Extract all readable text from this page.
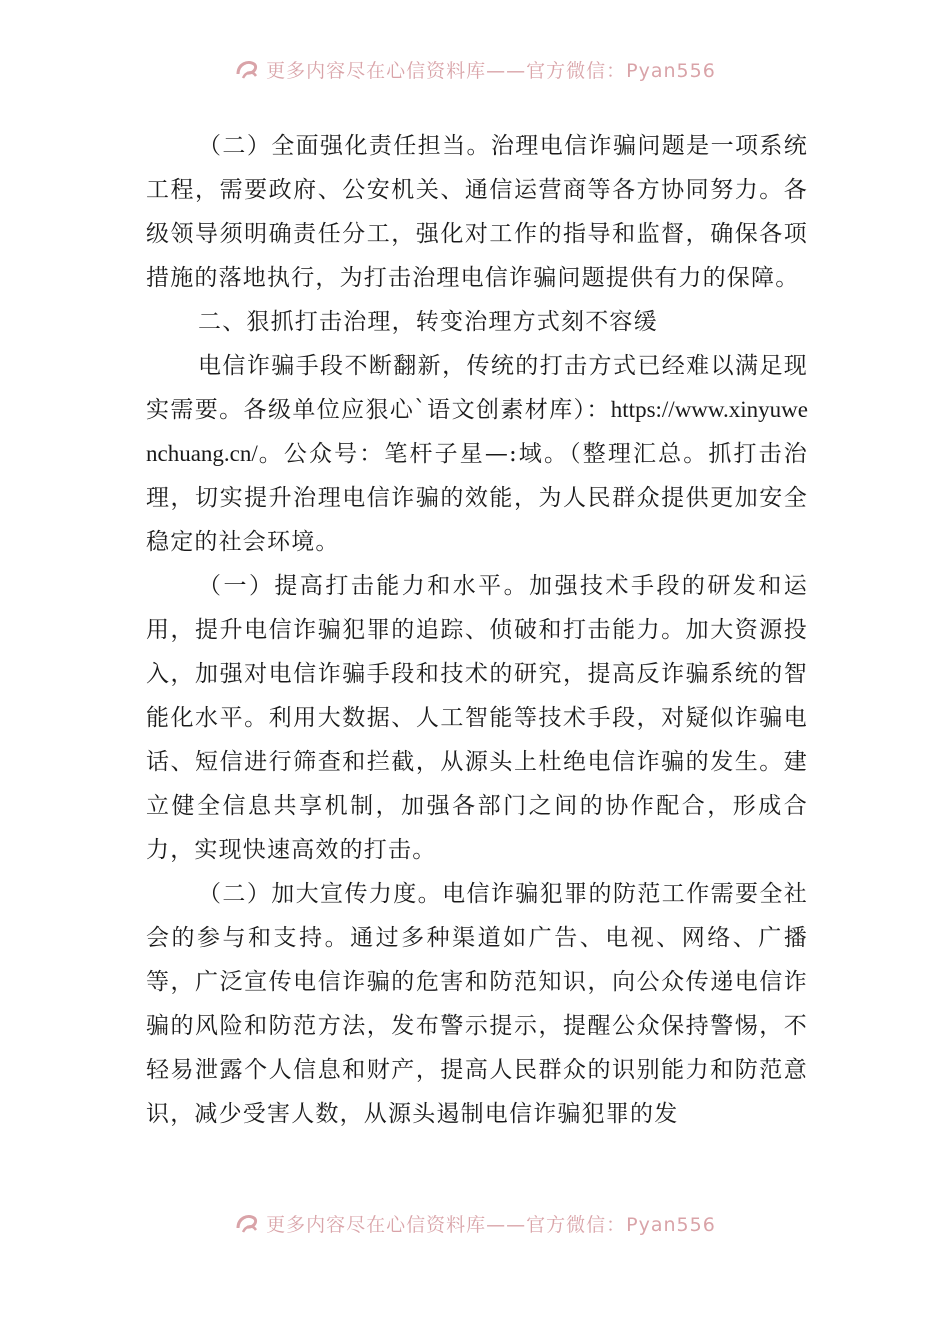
更多内容尽在心信资料库——官方微信：Pyan556

（二）全面强化责任担当。治理电信诈骗问题是一项系统工程，需要政府、公安机关、通信运营商等各方协同努力。各级领导须明确责任分工，强化对工作的指导和监督，确保各项措施的落地执行，为打击治理电信诈骗问题提供有力的保障。

二、狠抓打击治理，转变治理方式刻不容缓

电信诈骗手段不断翻新，传统的打击方式已经难以满足现实需要。各级单位应狠心`语文创素材库）：https://www.xinyuwenchuang.cn/。公众号：笔杆子星—:域。（整理汇总。抓打击治理，切实提升治理电信诈骗的效能，为人民群众提供更加安全稳定的社会环境。

（一）提高打击能力和水平。加强技术手段的研发和运用，提升电信诈骗犯罪的追踪、侦破和打击能力。加大资源投入，加强对电信诈骗手段和技术的研究，提高反诈骗系统的智能化水平。利用大数据、人工智能等技术手段，对疑似诈骗电话、短信进行筛查和拦截，从源头上杜绝电信诈骗的发生。建立健全信息共享机制，加强各部门之间的协作配合，形成合力，实现快速高效的打击。

（二）加大宣传力度。电信诈骗犯罪的防范工作需要全社会的参与和支持。通过多种渠道如广告、电视、网络、广播等，广泛宣传电信诈骗的危害和防范知识，向公众传递电信诈骗的风险和防范方法，发布警示提示，提醒公众保持警惕，不轻易泄露个人信息和财产，提高人民群众的识别能力和防范意识，减少受害人数，从源头遏制电信诈骗犯罪的发

更多内容尽在心信资料库——官方微信：Pyan556
